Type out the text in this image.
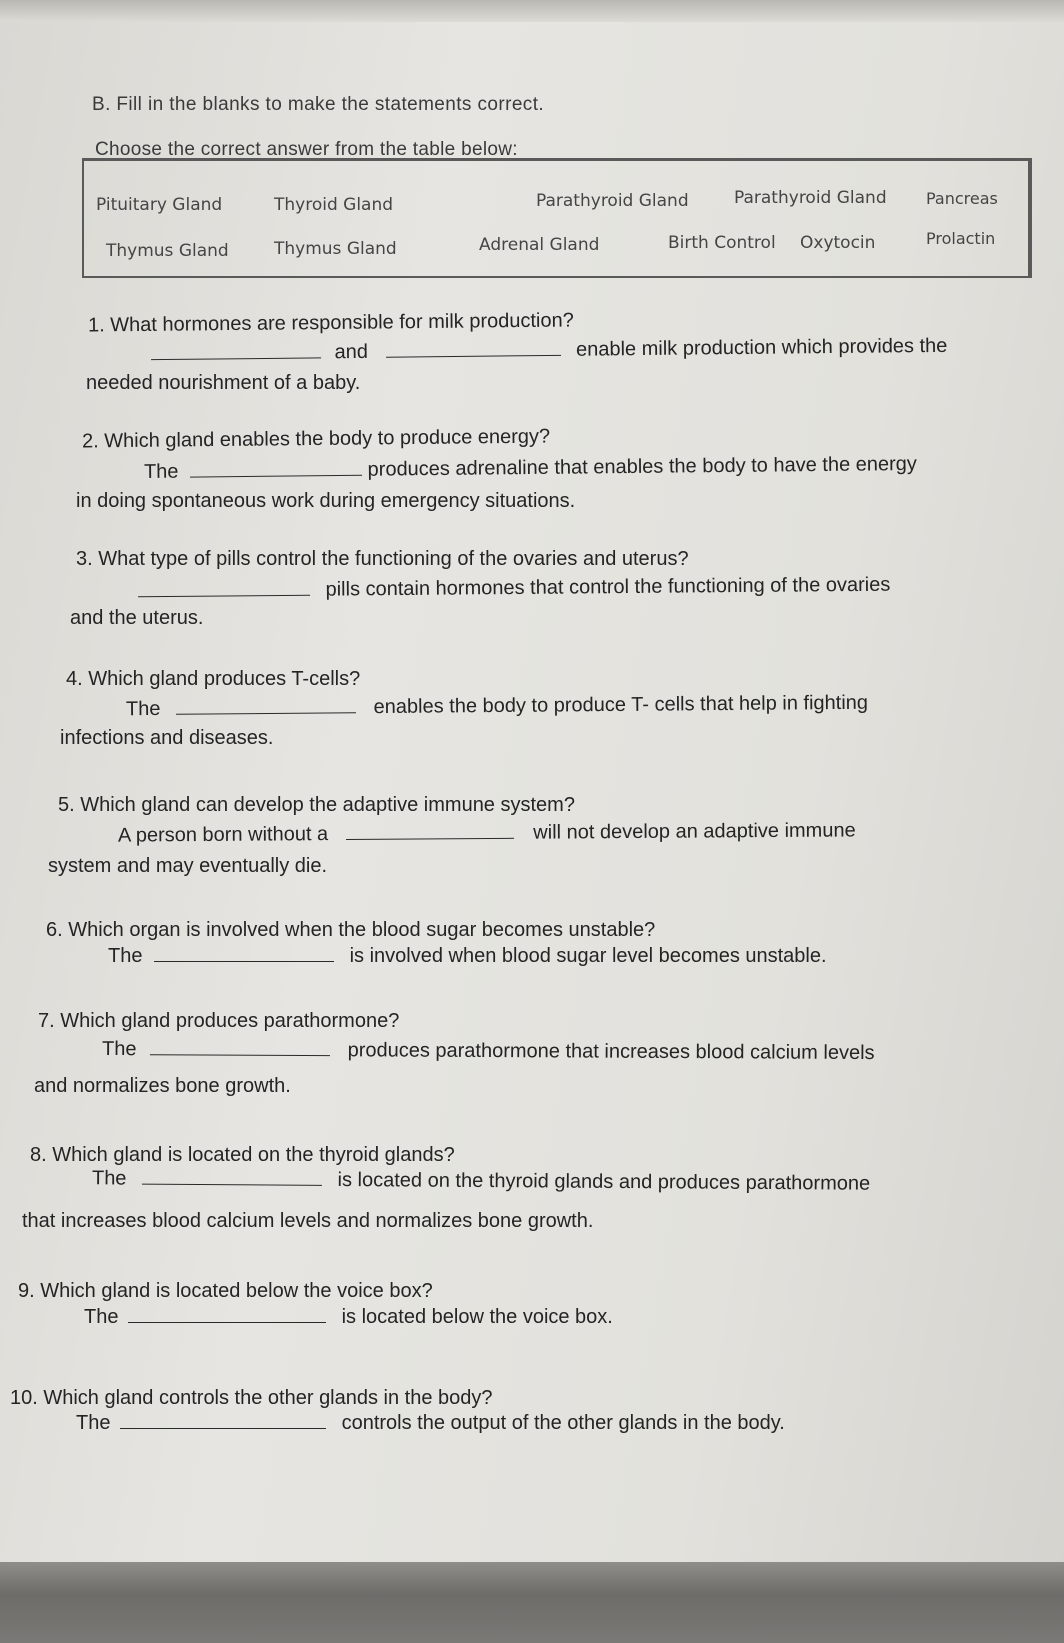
B. Fill in the blanks to make the statements correct.
Choose the correct answer from the table below:
Pituitary Gland	Thyroid Gland	Parathyroid Gland	Parathyroid Gland Pancreas
Thymus Gland	Thymus Gland	Adrenal Gland	Birth Control Oxytocin	Prolactin
1. What hormones are responsible for milk production?
and	enable milk production which provides the
needed nourishment of a baby.
2. Which gland enables the body to produce energy?
The	produces adrenaline that enables the body to have the energy
in doing spontaneous work during emergency situations.
3. What type of pills control the functioning of the ovaries and uterus?
pills contain hormones that control the functioning of the ovaries
and the uterus.
4. Which gland produces T-cells?
The	enables the body to produce T- cells that help in fighting
infections and diseases.
5. Which gland can develop the adaptive immune system?
A person born without a	will not develop an adaptive immune
system and may eventually die.
6. Which organ is involved when the blood sugar becomes unstable?
The	is involved when blood sugar level becomes unstable.
7. Which gland produces parathormone?
The	produces parathormone that increases blood calcium levels
and normalizes bone growth.
8. Which gland is located on the thyroid glands?
The	is located on the thyroid glands and produces parathormone
that increases blood calcium levels and normalizes bone growth.
9. Which gland is located below the voice box?
The	is located below the voice box.
10. Which gland controls the other glands in the body?
The	controls the output of the other glands in the body.
